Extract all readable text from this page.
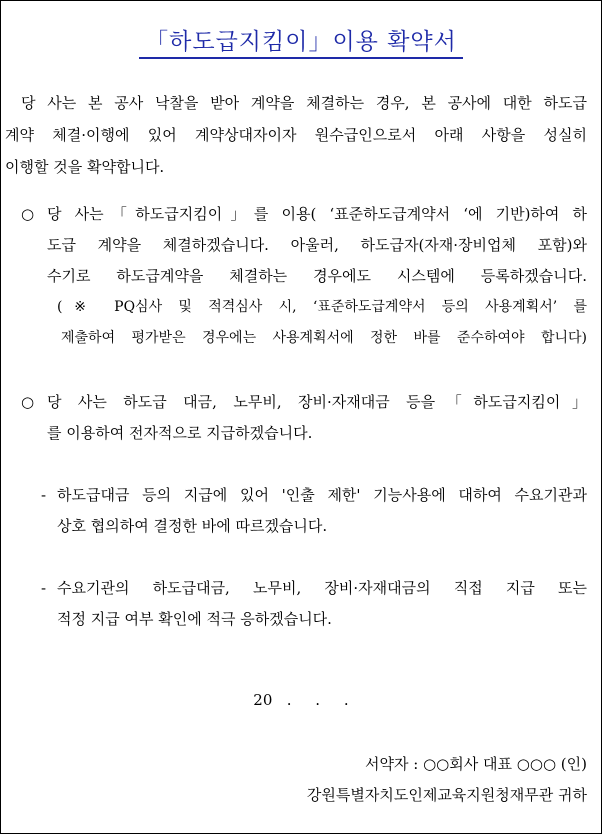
「하도급지킴이」이용 확약서
당 사는 본 공사 낙찰을 받아 계약을 체결하는 경우, 본 공사에 대한 하도급
계약 체결·이행에 있어 계약상대자이자 원수급인으로서 아래 사항을 성실히
이행할 것을 확약합니다.
○ 당 사는「하도급지킴이」를 이용( ‘표준하도급계약서 ‘에 기반)하여 하
도급 계약을 체결하겠습니다. 아울러, 하도급자(자재·장비업체 포함)와
수기로 하도급계약을 체결하는 경우에도 시스템에 등록하겠습니다.
(※ PQ심사 및 적격심사 시, ‘표준하도급계약서 등의 사용계획서’ 를
제출하여 평가받은 경우에는 사용계획서에 정한 바를 준수하여야 합니다)
○ 당 사는 하도급 대금, 노무비, 장비·자재대금 등을「하도급지킴이」
를 이용하여 전자적으로 지급하겠습니다.
- 하도급대금 등의 지급에 있어 '인출 제한' 기능사용에 대하여 수요기관과
상호 협의하여 결정한 바에 따르겠습니다.
- 수요기관의 하도급대금, 노무비, 장비·자재대금의 직접 지급 또는
적정 지급 여부 확인에 적극 응하겠습니다.
20   .     .     .
서약자 : ○○회사 대표 ○○○ (인)
강원특별자치도인제교육지원청재무관 귀하
